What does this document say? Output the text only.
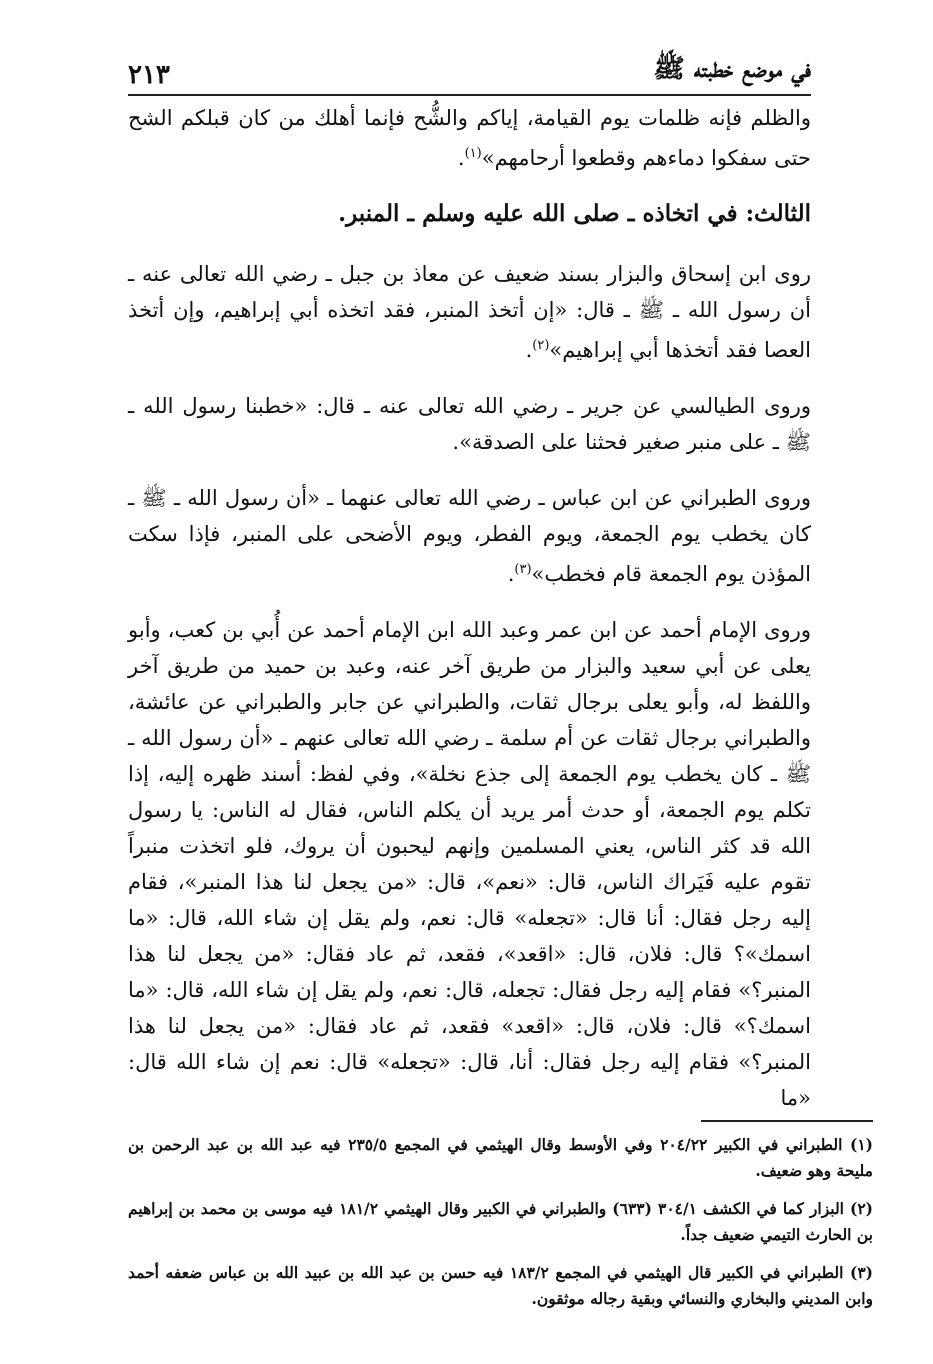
في موضع خطبته ﷺ
٢١٣

والظلم فإنه ظلمات يوم القيامة، إياكم والشُّح فإنما أهلك من كان قبلكم الشح حتى سفكوا دماءهم وقطعوا أرحامهم»$^{(١)}$.

الثالث: في اتخاذه ـ صلى الله عليه وسلم ـ المنبر.

روى ابن إسحاق والبزار بسند ضعيف عن معاذ بن جبل ـ رضي الله تعالى عنه ـ أن رسول الله ـ ﷺ ـ قال: «إن أتخذ المنبر، فقد اتخذه أبي إبراهيم، وإن أتخذ العصا فقد أتخذها أبي إبراهيم»$^{(٢)}$.

وروى الطيالسي عن جرير ـ رضي الله تعالى عنه ـ قال: «خطبنا رسول الله ـ ﷺ ـ على منبر صغير فحثنا على الصدقة».

وروى الطبراني عن ابن عباس ـ رضي الله تعالى عنهما ـ «أن رسول الله ـ ﷺ ـ كان يخطب يوم الجمعة، ويوم الفطر، ويوم الأضحى على المنبر، فإذا سكت المؤذن يوم الجمعة قام فخطب»$^{(٣)}$.

وروى الإمام أحمد عن ابن عمر وعبد الله ابن الإمام أحمد عن أُبي بن كعب، وأبو يعلى عن أبي سعيد والبزار من طريق آخر عنه، وعبد بن حميد من طريق آخر واللفظ له، وأبو يعلى برجال ثقات، والطبراني عن جابر والطبراني عن عائشة، والطبراني برجال ثقات عن أم سلمة ـ رضي الله تعالى عنهم ـ «أن رسول الله ـ ﷺ ـ كان يخطب يوم الجمعة إلى جذع نخلة»، وفي لفظ: أسند ظهره إليه، إذا تكلم يوم الجمعة، أو حدث أمر يريد أن يكلم الناس، فقال له الناس: يا رسول الله قد كثر الناس، يعني المسلمين وإنهم ليحبون أن يروك، فلو اتخذت منبراً تقوم عليه فَيَراك الناس، قال: «نعم»، قال: «من يجعل لنا هذا المنبر»، فقام إليه رجل فقال: أنا قال: «تجعله» قال: نعم، ولم يقل إن شاء الله، قال: «ما اسمك»؟ قال: فلان، قال: «اقعد»، فقعد، ثم عاد فقال: «من يجعل لنا هذا المنبر؟» فقام إليه رجل فقال: تجعله، قال: نعم، ولم يقل إن شاء الله، قال: «ما اسمك؟» قال: فلان، قال: «اقعد» فقعد، ثم عاد فقال: «من يجعل لنا هذا المنبر؟» فقام إليه رجل فقال: أنا، قال: «تجعله» قال: نعم إن شاء الله قال: «ما

(١) الطبراني في الكبير ٢٠٤/٢٢ وفي الأوسط وقال الهيثمي في المجمع ٢٣٥/٥ فيه عبد الله بن عبد الرحمن بن مليحة وهو ضعيف.
(٢) البزار كما في الكشف ٣٠٤/١ (٦٣٣) والطبراني في الكبير وقال الهيثمي ١٨١/٢ فيه موسى بن محمد بن إبراهيم بن الحارث التيمي ضعيف جداً.
(٣) الطبراني في الكبير قال الهيثمي في المجمع ١٨٣/٢ فيه حسن بن عبد الله بن عبيد الله بن عباس ضعفه أحمد وابن المديني والبخاري والنسائي وبقية رجاله موثقون.
